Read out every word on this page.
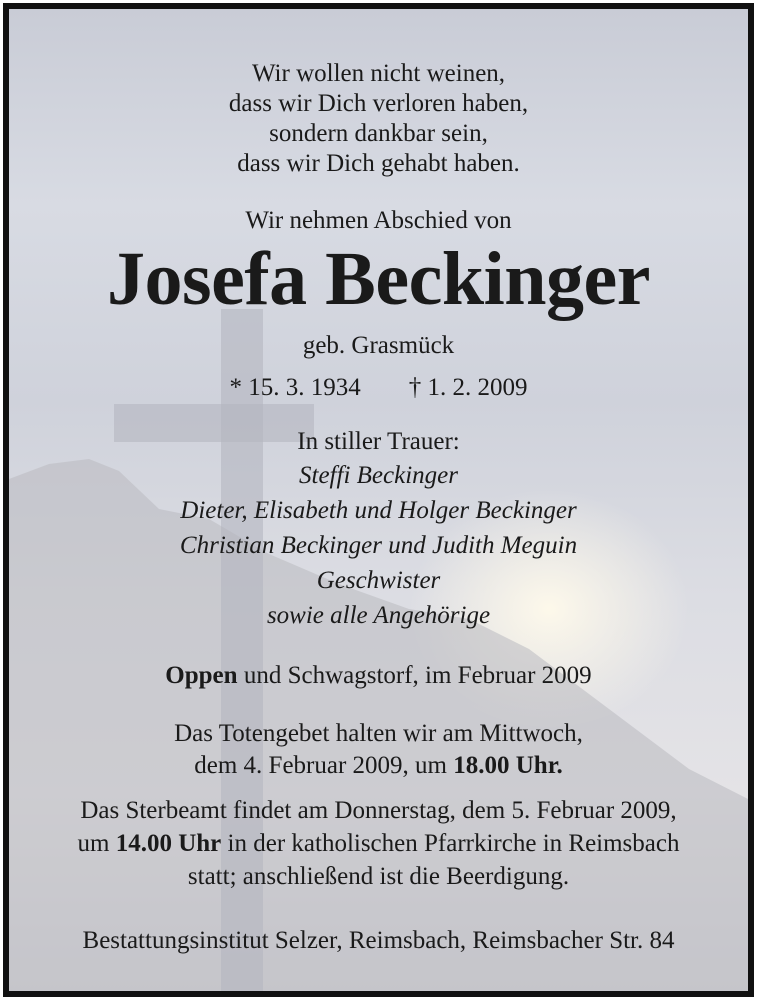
Wir wollen nicht weinen,
dass wir Dich verloren haben,
sondern dankbar sein,
dass wir Dich gehabt haben.
Wir nehmen Abschied von
Josefa Beckinger
geb. Grasmück
* 15. 3. 1934 † 1. 2. 2009
In stiller Trauer:
Steffi Beckinger
Dieter, Elisabeth und Holger Beckinger
Christian Beckinger und Judith Meguin
Geschwister
sowie alle Angehörige
Oppen und Schwagstorf, im Februar 2009
Das Totengebet halten wir am Mittwoch,
dem 4. Februar 2009, um 18.00 Uhr.
Das Sterbeamt findet am Donnerstag, dem 5. Februar 2009,
um 14.00 Uhr in der katholischen Pfarrkirche in Reimsbach
statt; anschließend ist die Beerdigung.
Bestattungsinstitut Selzer, Reimsbach, Reimsbacher Str. 84
